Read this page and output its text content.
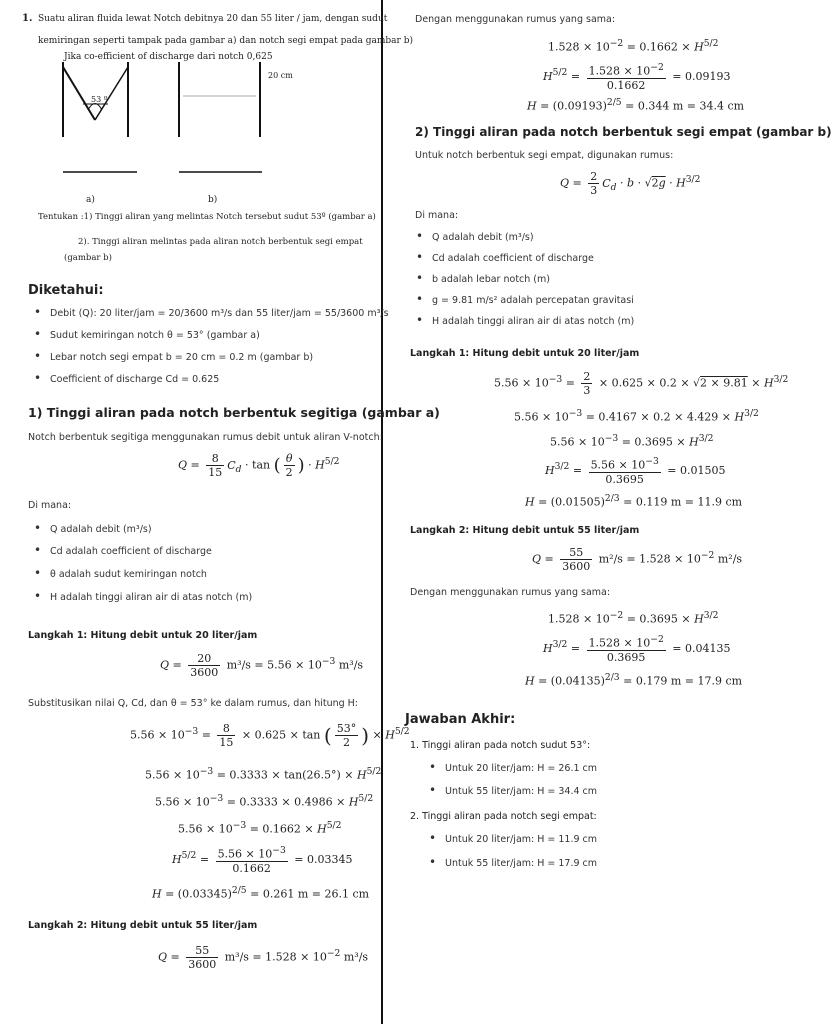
1. Suatu aliran fluida lewat Notch debitnya 20 dan 55 liter / jam, dengan sudut
kemiringan seperti tampak pada gambar a) dan notch segi empat pada gambar b)
Jika co-efficient of discharge dari notch 0,625
53 º
20 cm
a)	b)
Tentukan :1) Tinggi aliran yang melintas Notch tersebut sudut 53º (gambar a)
2). Tinggi aliran melintas pada aliran notch berbentuk segi empat
(gambar b)
Diketahui:
• Debit (Q): 20 liter/jam = 20/3600 m³/s dan 55 liter/jam = 55/3600 m³/s
• Sudut kemiringan notch θ = 53° (gambar a)
• Lebar notch segi empat b = 20 cm = 0.2 m (gambar b)
• Coefficient of discharge Cd = 0.625
1) Tinggi aliran pada notch berbentuk segitiga (gambar a)
Notch berbentuk segitiga menggunakan rumus debit untuk aliran V-notch:
$Q = \frac{8}{15} C_d \cdot \tan$ ( $\frac{\theta}{2}$ ) · $H^{5/2}$
Di mana:
• Q adalah debit (m³/s)
• Cd adalah coefficient of discharge
• θ adalah sudut kemiringan notch
• H adalah tinggi aliran air di atas notch (m)
Langkah 1: Hitung debit untuk 20 liter/jam
$Q = \frac{20}{3600} m^3/s = 5.56 \times 10^{-3}$ m³/s
Substitusikan nilai Q, Cd, dan θ = 53° ke dalam rumus, dan hitung H:
$5.56 \times 10^{-3} = \frac{8}{15} \times 0.625 \times \tan$ ( $\frac{53^\circ}{2}$ ) × $H^{5/2}$
$5.56 \times 10^{-3} = 0.3333 \times \tan(26.5^\circ) \times H^{5/2}$
$5.56 \times 10^{-3} = 0.3333 \times 0.4986 \times H^{5/2}$
$5.56 \times 10^{-3} = 0.1662 \times H^{5/2}$
$H^{5/2} = \frac{5.56 \times 10^{-3}}{0.1662} = 0.03345$
$H = (0.03345)^{2/5} = 0.261$ m = 26.1 cm
Langkah 2: Hitung debit untuk 55 liter/jam
$Q = \frac{55}{3600} m^3/s = 1.528 \times 10^{-2}$ m³/s
Dengan menggunakan rumus yang sama:
$1.528 \times 10^{-2} = 0.1662 \times H^{5/2}$
$H^{5/2} = \frac{1.528 \times 10^{-2}}{0.1662} = 0.09193$
$H = (0.09193)^{2/5} = 0.344$ m = 34.4 cm
2) Tinggi aliran pada notch berbentuk segi empat (gambar b)
Untuk notch berbentuk segi empat, digunakan rumus:
$Q = \frac{2}{3} C_d \cdot b \cdot √2g \cdot H^{3/2}$
Di mana:
• Q adalah debit (m³/s)
• Cd adalah coefficient of discharge
• b adalah lebar notch (m)
• g = 9.81 m/s² adalah percepatan gravitasi
• H adalah tinggi aliran air di atas notch (m)
Langkah 1: Hitung debit untuk 20 liter/jam
$5.56 \times 10^{-3} = \frac{2}{3} \times 0.625 \times 0.2 \times √2 \times 9.81 \times H^{3/2}$
$5.56 \times 10^{-3} = 0.4167 \times 0.2 \times 4.429 \times H^{3/2}$
$5.56 \times 10^{-3} = 0.3695 \times H^{3/2}$
$H^{3/2} = \frac{5.56 \times 10^{-3}}{0.3695} = 0.01505$
$H = (0.01505)^{2/3} = 0.119$ m = 11.9 cm
Langkah 2: Hitung debit untuk 55 liter/jam
$Q = \frac{55}{3600} m^2/s = 1.528 \times 10^{-2}$ m²/s
Dengan menggunakan rumus yang sama:
$1.528 \times 10^{-2} = 0.3695 \times H^{3/2}$
$H^{3/2} = \frac{1.528 \times 10^{-2}}{0.3695} = 0.04135$
$H = (0.04135)^{2/3} = 0.179$ m = 17.9 cm
Jawaban Akhir:
1. Tinggi aliran pada notch sudut 53°:
• Untuk 20 liter/jam: H = 26.1 cm
• Untuk 55 liter/jam: H = 34.4 cm
2. Tinggi aliran pada notch segi empat:
• Untuk 20 liter/jam: H = 11.9 cm
• Untuk 55 liter/jam: H = 17.9 cm
